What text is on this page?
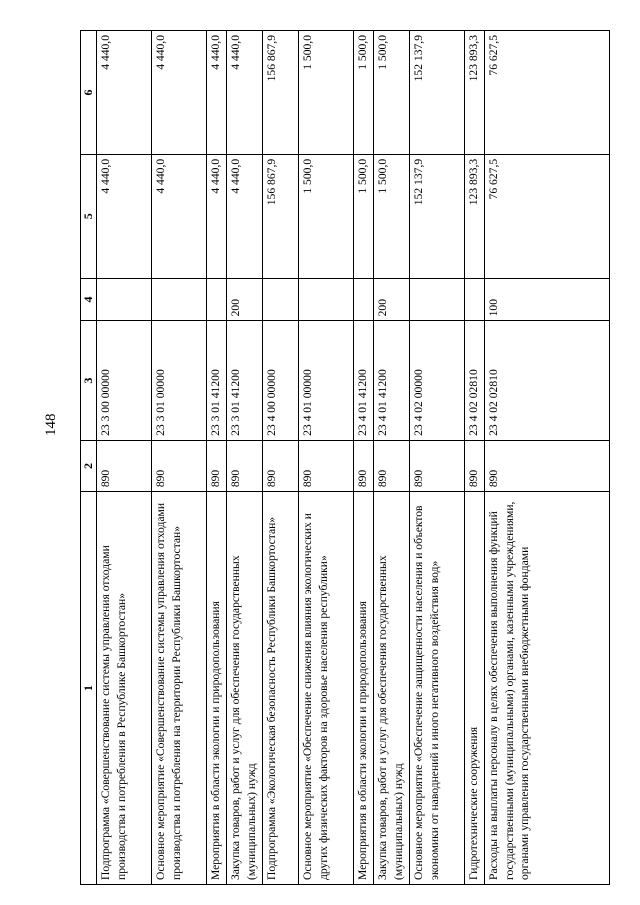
148
1	2	3	4	5	6
Подпрограмма «Совершенствование системы управления отходами производства и потребления в Республике Башкортостан»	890	23 3 00 00000		4 440,0	4 440,0
Основное мероприятие «Совершенствование системы управления отходами производства и потребления на территории Республики Башкортостан»	890	23 3 01 00000		4 440,0	4 440,0
Мероприятия в области экологии и природопользования	890	23 3 01 41200		4 440,0	4 440,0
Закупка товаров, работ и услуг для обеспечения государственных (муниципальных) нужд	890	23 3 01 41200	200	4 440,0	4 440,0
Подпрограмма «Экологическая безопасность Республики Башкортостан»	890	23 4 00 00000		156 867,9	156 867,9
Основное мероприятие «Обеспечение снижения влияния экологических и других физических факторов на здоровье населения республики»	890	23 4 01 00000		1 500,0	1 500,0
Мероприятия в области экологии и природопользования	890	23 4 01 41200		1 500,0	1 500,0
Закупка товаров, работ и услуг для обеспечения государственных (муниципальных) нужд	890	23 4 01 41200	200	1 500,0	1 500,0
Основное мероприятие «Обеспечение защищенности населения и объектов экономики от наводнений и иного негативного воздействия вод»	890	23 4 02 00000		152 137,9	152 137,9
Гидротехнические сооружения	890	23 4 02 02810		123 893,3	123 893,3
Расходы на выплаты персоналу в целях обеспечения выполнения функций государственными (муниципальными) органами, казенными учреждениями, органами управления государственными внебюджетными фондами	890	23 4 02 02810	100	76 627,5	76 627,5
